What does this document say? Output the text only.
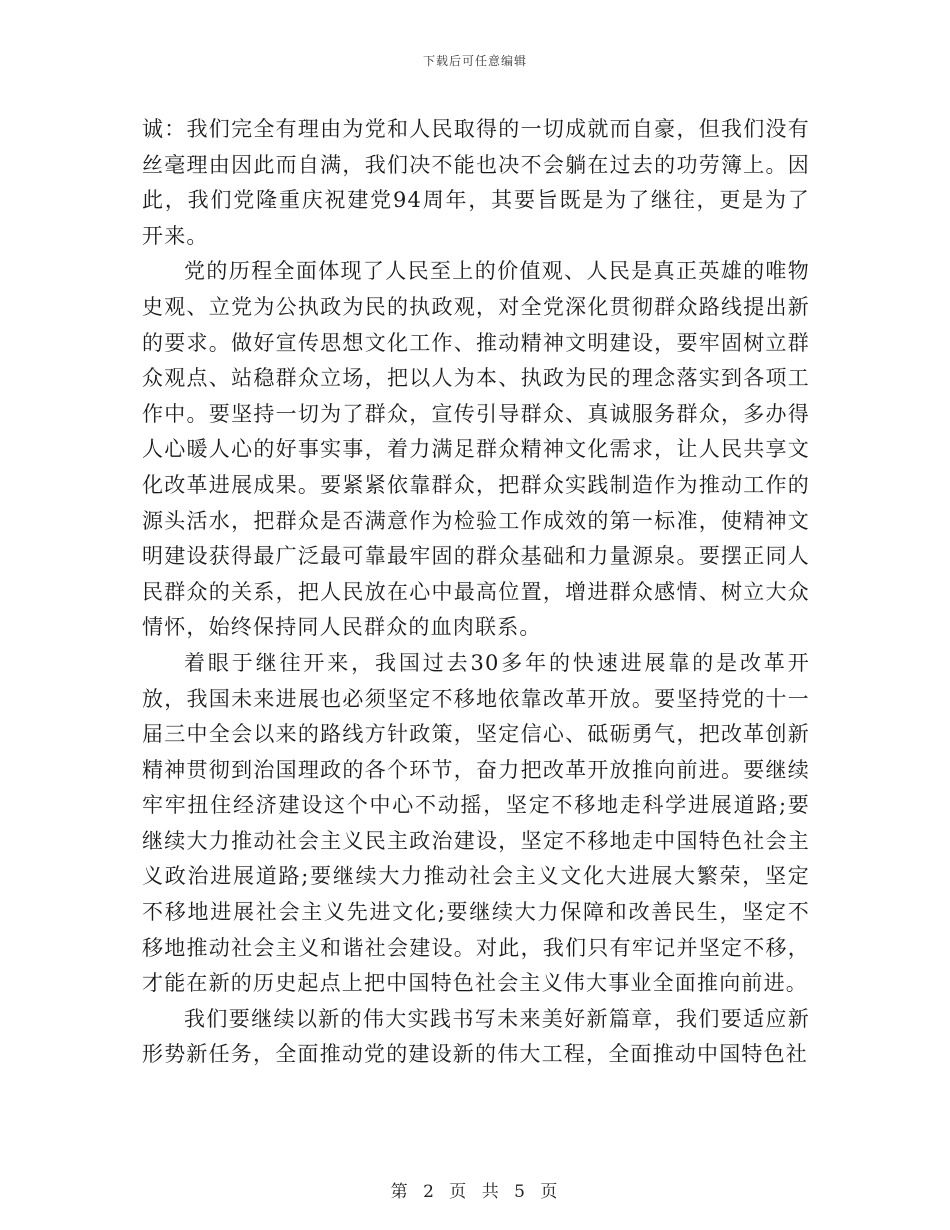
下载后可任意编辑

诚：我们完全有理由为党和人民取得的一切成就而自豪，但我们没有丝毫理由因此而自满，我们决不能也决不会躺在过去的功劳簿上。因此，我们党隆重庆祝建党94周年，其要旨既是为了继往，更是为了开来。

党的历程全面体现了人民至上的价值观、人民是真正英雄的唯物史观、立党为公执政为民的执政观，对全党深化贯彻群众路线提出新的要求。做好宣传思想文化工作、推动精神文明建设，要牢固树立群众观点、站稳群众立场，把以人为本、执政为民的理念落实到各项工作中。要坚持一切为了群众，宣传引导群众、真诚服务群众，多办得人心暖人心的好事实事，着力满足群众精神文化需求，让人民共享文化改革进展成果。要紧紧依靠群众，把群众实践制造作为推动工作的源头活水，把群众是否满意作为检验工作成效的第一标准，使精神文明建设获得最广泛最可靠最牢固的群众基础和力量源泉。要摆正同人民群众的关系，把人民放在心中最高位置，增进群众感情、树立大众情怀，始终保持同人民群众的血肉联系。

着眼于继往开来，我国过去30多年的快速进展靠的是改革开放，我国未来进展也必须坚定不移地依靠改革开放。要坚持党的十一届三中全会以来的路线方针政策，坚定信心、砥砺勇气，把改革创新精神贯彻到治国理政的各个环节，奋力把改革开放推向前进。要继续牢牢扭住经济建设这个中心不动摇，坚定不移地走科学进展道路;要继续大力推动社会主义民主政治建设，坚定不移地走中国特色社会主义政治进展道路;要继续大力推动社会主义文化大进展大繁荣，坚定不移地进展社会主义先进文化;要继续大力保障和改善民生，坚定不移地推动社会主义和谐社会建设。对此，我们只有牢记并坚定不移，才能在新的历史起点上把中国特色社会主义伟大事业全面推向前进。

我们要继续以新的伟大实践书写未来美好新篇章，我们要适应新形势新任务，全面推动党的建设新的伟大工程，全面推动中国特色社

第 2 页 共 5 页
